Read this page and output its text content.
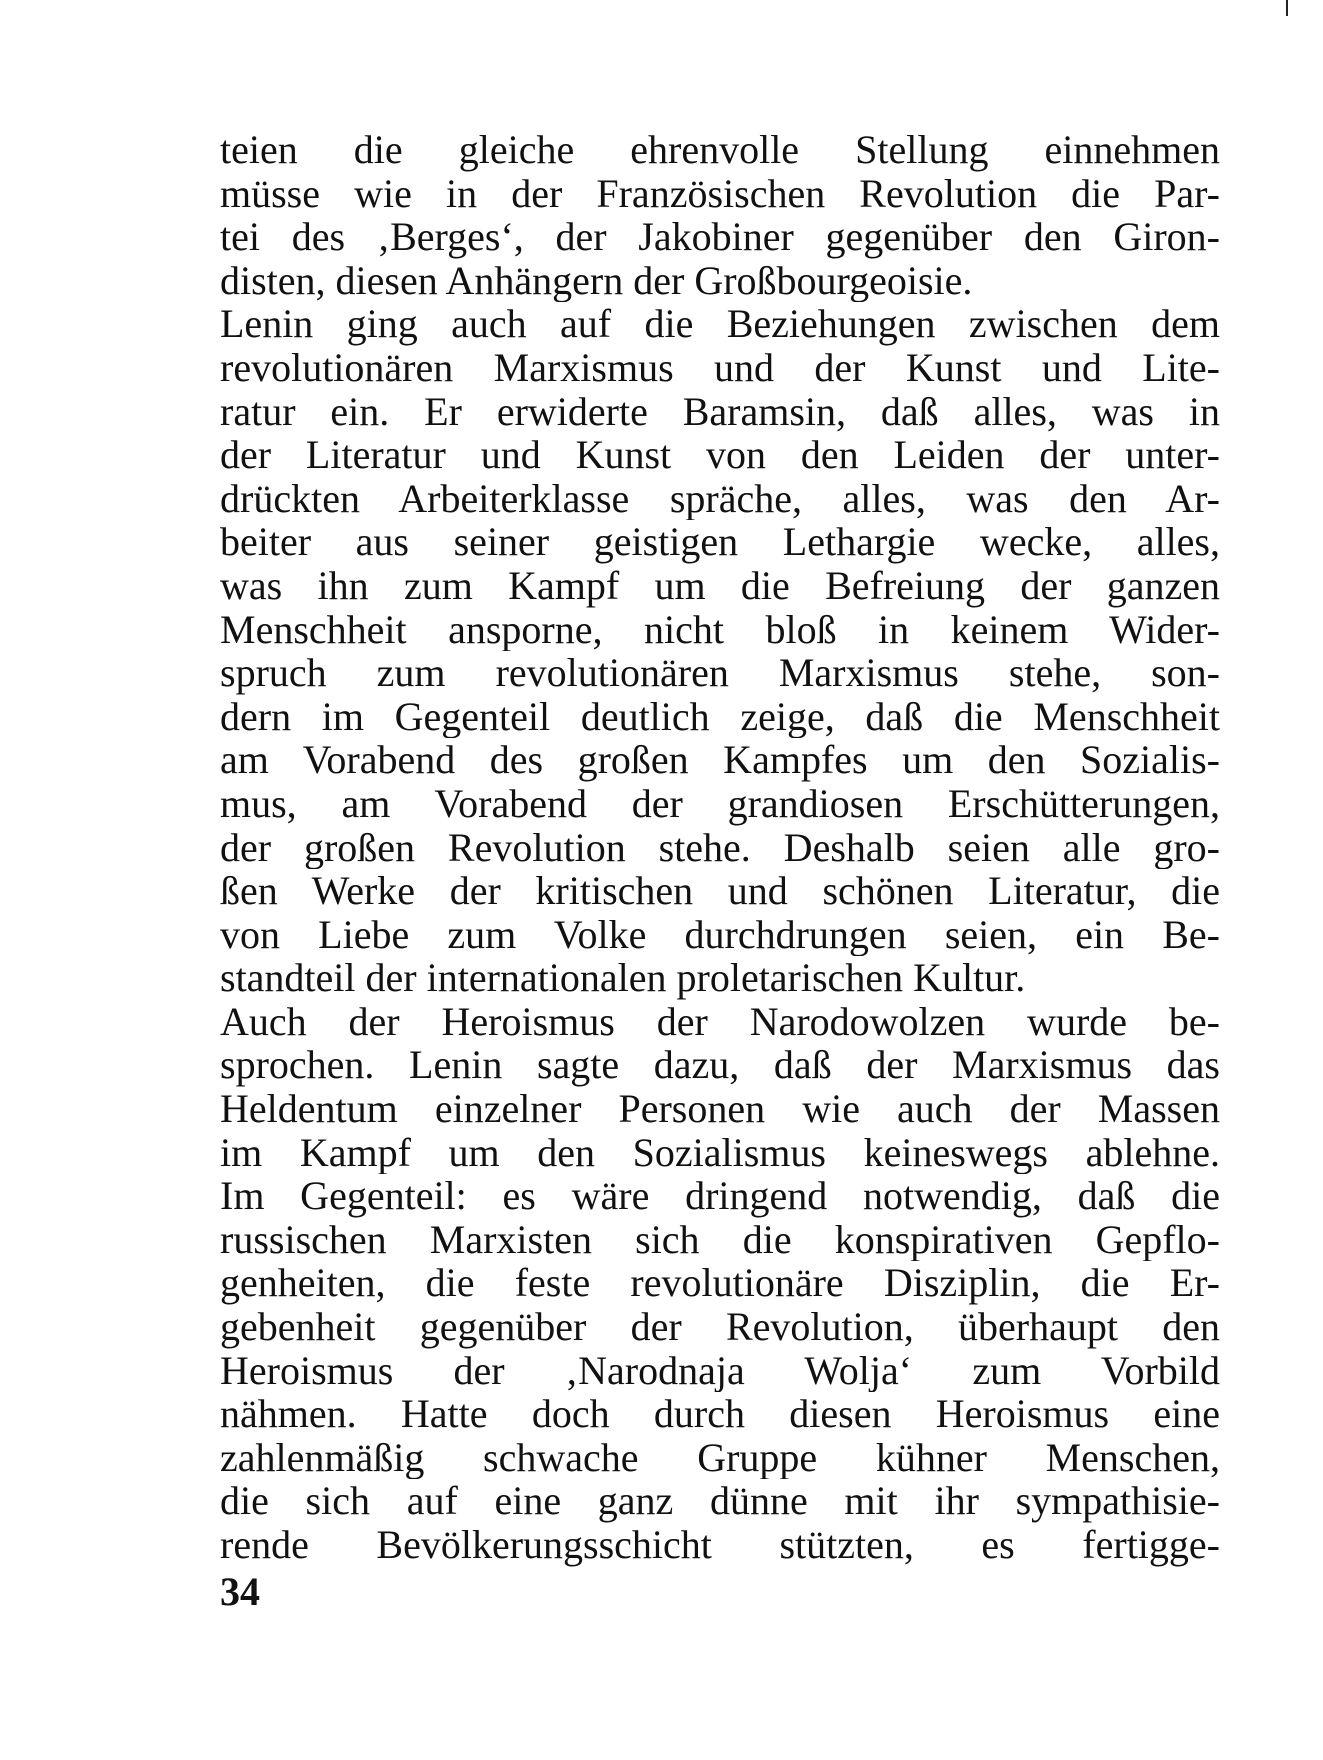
teien die gleiche ehrenvolle Stellung einnehmen
müsse wie in der Französischen Revolution die Par-
tei des ‚Berges‘, der Jakobiner gegenüber den Giron-
disten, diesen Anhängern der Großbourgeoisie.
Lenin ging auch auf die Beziehungen zwischen dem
revolutionären Marxismus und der Kunst und Lite-
ratur ein. Er erwiderte Baramsin, daß alles, was in
der Literatur und Kunst von den Leiden der unter-
drückten Arbeiterklasse spräche, alles, was den Ar-
beiter aus seiner geistigen Lethargie wecke, alles,
was ihn zum Kampf um die Befreiung der ganzen
Menschheit ansporne, nicht bloß in keinem Wider-
spruch zum revolutionären Marxismus stehe, son-
dern im Gegenteil deutlich zeige, daß die Menschheit
am Vorabend des großen Kampfes um den Sozialis-
mus, am Vorabend der grandiosen Erschütterungen,
der großen Revolution stehe. Deshalb seien alle gro-
ßen Werke der kritischen und schönen Literatur, die
von Liebe zum Volke durchdrungen seien, ein Be-
standteil der internationalen proletarischen Kultur.
Auch der Heroismus der Narodowolzen wurde be-
sprochen. Lenin sagte dazu, daß der Marxismus das
Heldentum einzelner Personen wie auch der Massen
im Kampf um den Sozialismus keineswegs ablehne.
Im Gegenteil: es wäre dringend notwendig, daß die
russischen Marxisten sich die konspirativen Gepflo-
genheiten, die feste revolutionäre Disziplin, die Er-
gebenheit gegenüber der Revolution, überhaupt den
Heroismus der ‚Narodnaja Wolja‘ zum Vorbild
nähmen. Hatte doch durch diesen Heroismus eine
zahlenmäßig schwache Gruppe kühner Menschen,
die sich auf eine ganz dünne mit ihr sympathisie-
rende Bevölkerungsschicht stützten, es fertigge-
34
